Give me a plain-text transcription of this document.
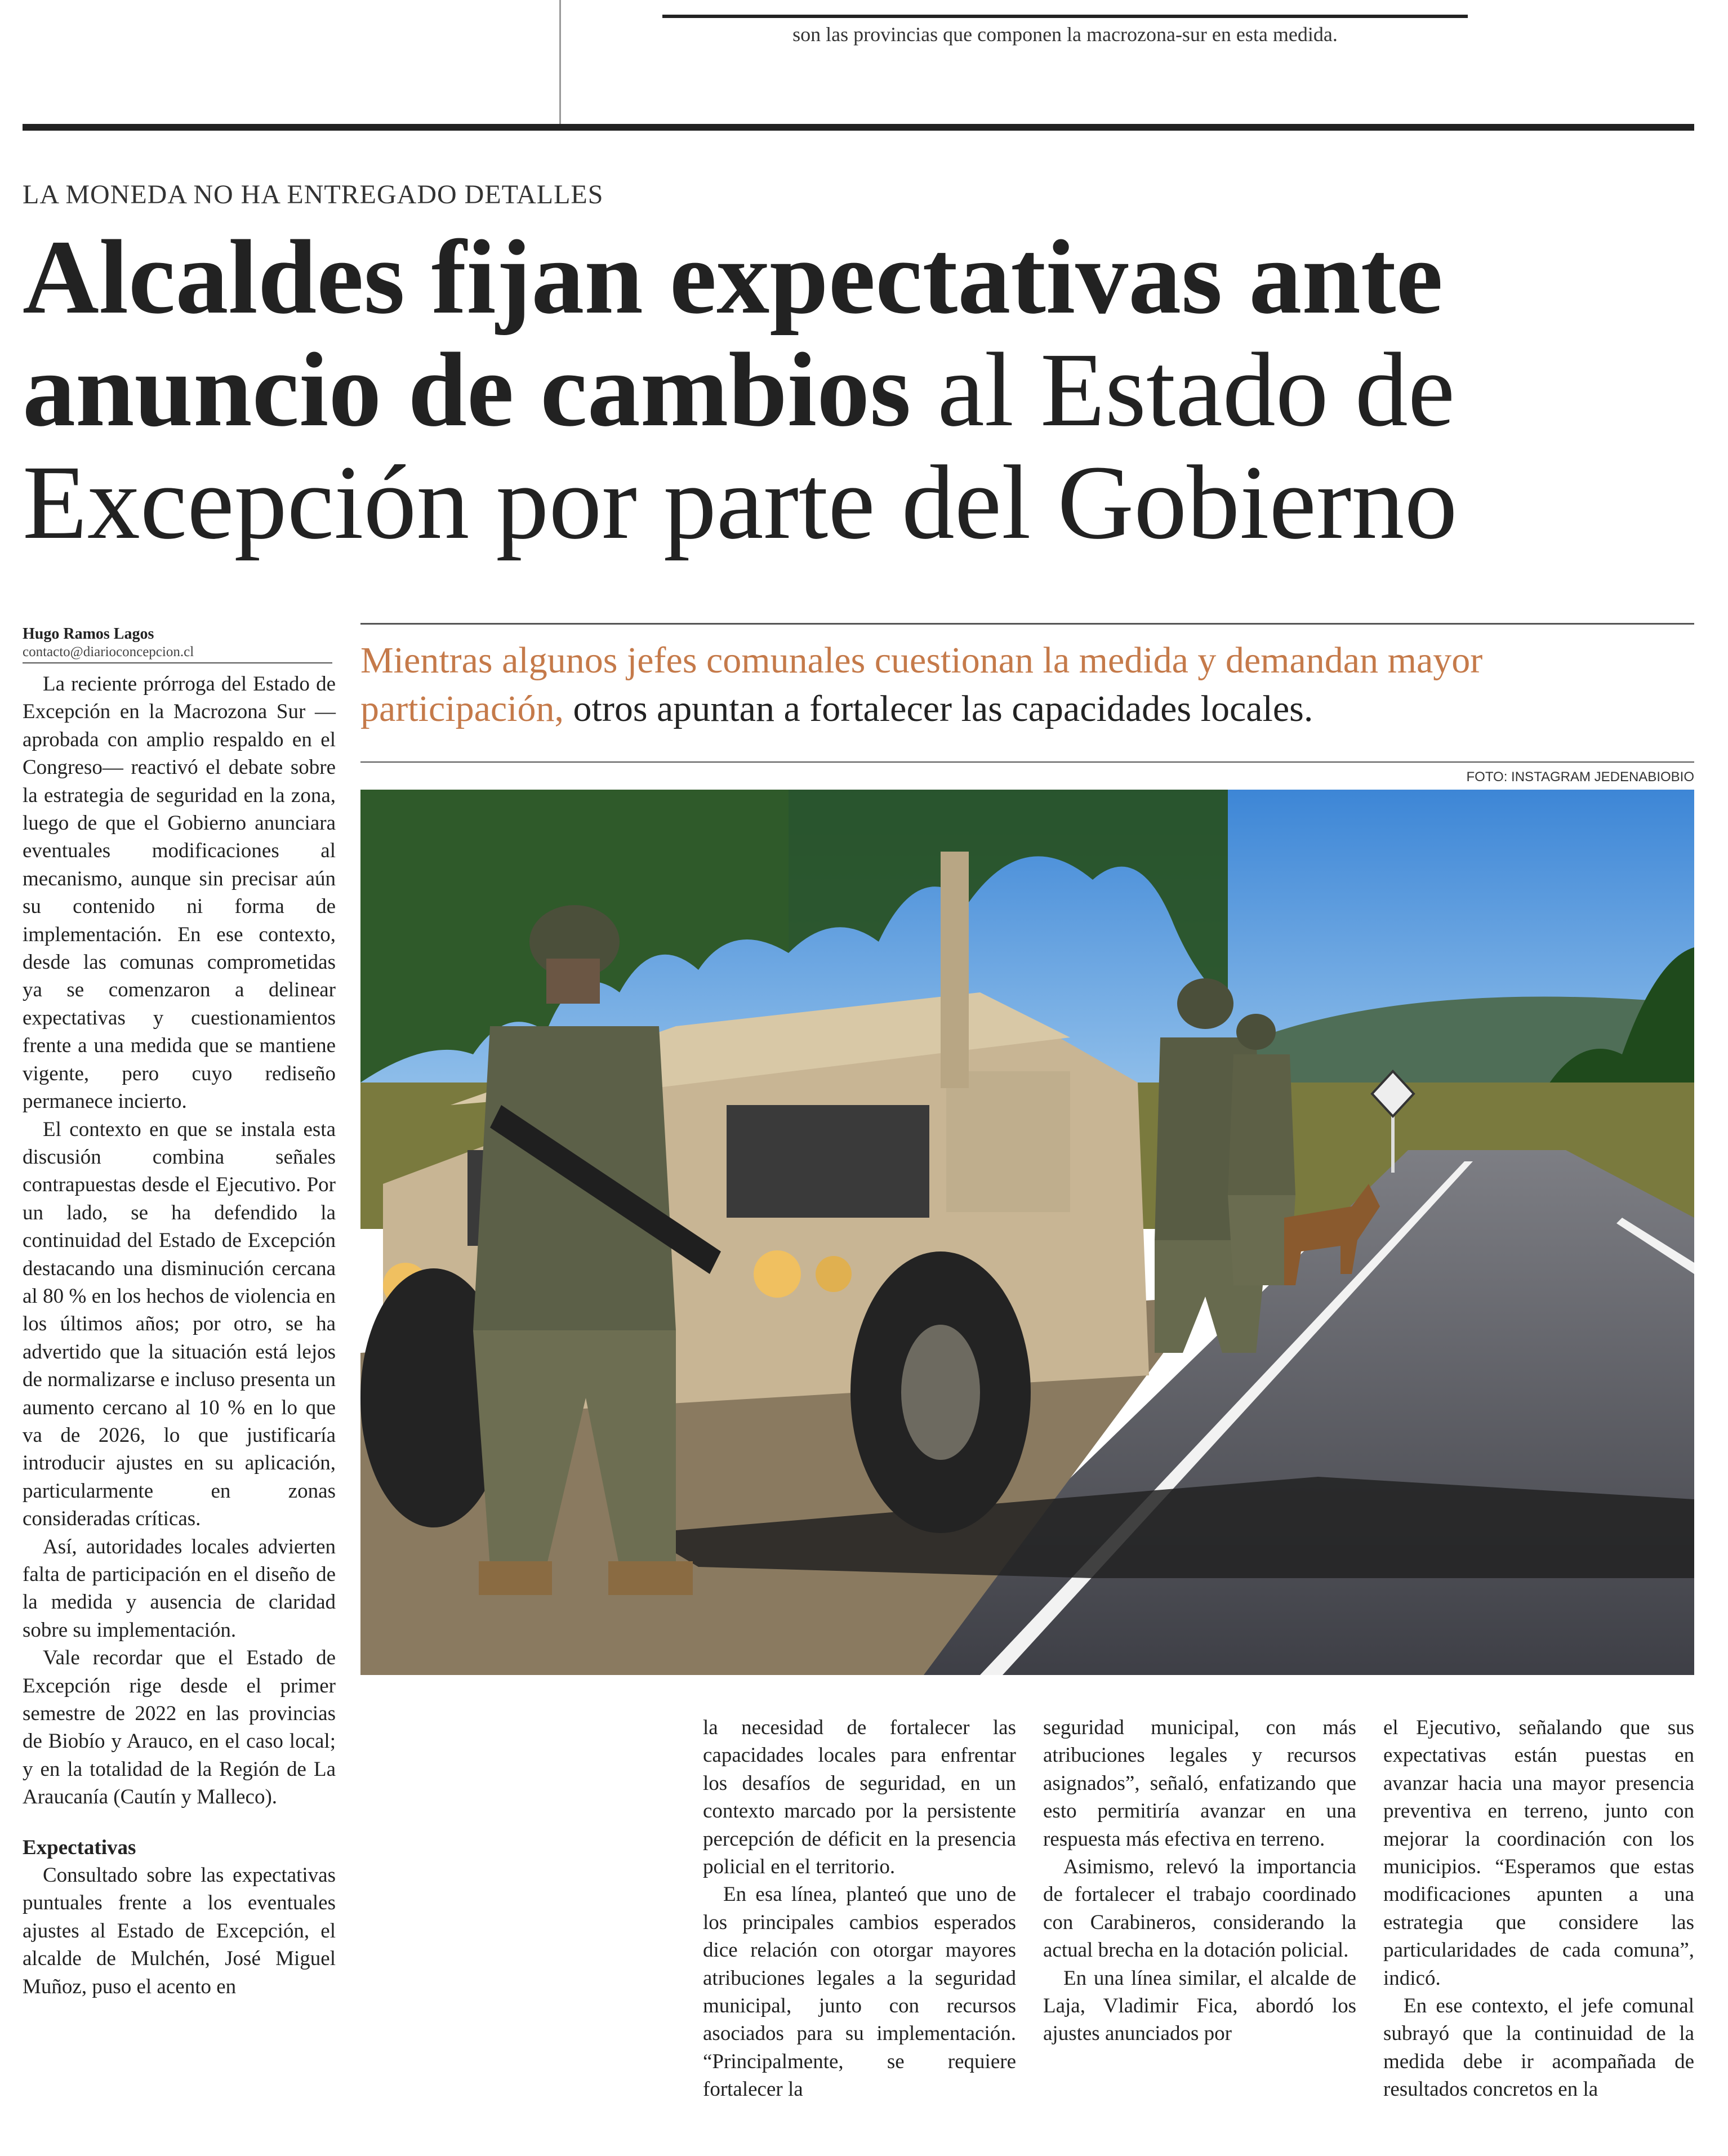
son las provincias que componen la macrozona-sur en esta medida.
LA MONEDA NO HA ENTREGADO DETALLES
Alcaldes fijan expectativas ante anuncio de cambios al Estado de Excepción por parte del Gobierno
Hugo Ramos Lagos
contacto@diarioconcepcion.cl	Mientras algunos jefes comunales cuestionan la medida y demandan mayor participación, otros apuntan a fortalecer las capacidades locales.
FOTO: INSTAGRAM JEDENABIOBIO

La reciente prórroga del Estado de Excepción en la Macrozona Sur —aprobada con amplio respaldo en el Congreso— reactivó el debate sobre la estrategia de seguridad en la zona, luego de que el Gobierno anunciara eventuales modificaciones al mecanismo, aunque sin precisar aún su contenido ni forma de implementación. En ese contexto, desde las comunas comprometidas ya se comenzaron a delinear expectativas y cuestionamientos frente a una medida que se mantiene vigente, pero cuyo rediseño permanece incierto.

El contexto en que se instala esta discusión combina señales contrapuestas desde el Ejecutivo. Por un lado, se ha defendido la continuidad del Estado de Excepción destacando una disminución cercana al 80 % en los hechos de violencia en los últimos años; por otro, se ha advertido que la situación está lejos de normalizarse e incluso presenta un aumento cercano al 10 % en lo que va de 2026, lo que justificaría introducir ajustes en su aplicación, particularmente en zonas consideradas críticas.

Así, autoridades locales advierten falta de participación en el diseño de la medida y ausencia de claridad sobre su implementación.

Vale recordar que el Estado de Excepción rige desde el primer semestre de 2022 en las provincias de Biobío y Arauco, en el caso local; y en la totalidad de la Región de La Araucanía (Cautín y Malleco).

Expectativas

Consultado sobre las expectativas puntuales frente a los eventuales ajustes al Estado de Excepción, el alcalde de Mulchén, José Miguel Muñoz, puso el acento en

la necesidad de fortalecer las capacidades locales para enfrentar los desafíos de seguridad, en un contexto marcado por la persistente percepción de déficit en la presencia policial en el territorio.

En esa línea, planteó que uno de los principales cambios esperados dice relación con otorgar mayores atribuciones legales a la seguridad municipal, junto con recursos asociados para su implementación. “Principalmente, se requiere fortalecer la

seguridad municipal, con más atribuciones legales y recursos asignados”, señaló, enfatizando que esto permitiría avanzar en una respuesta más efectiva en terreno.

Asimismo, relevó la importancia de fortalecer el trabajo coordinado con Carabineros, considerando la actual brecha en la dotación policial.

En una línea similar, el alcalde de Laja, Vladimir Fica, abordó los ajustes anunciados por

el Ejecutivo, señalando que sus expectativas están puestas en avanzar hacia una mayor presencia preventiva en terreno, junto con mejorar la coordinación con los municipios. “Esperamos que estas modificaciones apunten a una estrategia que considere las particularidades de cada comuna”, indicó.

En ese contexto, el jefe comunal subrayó que la continuidad de la medida debe ir acompañada de resultados concretos en la
